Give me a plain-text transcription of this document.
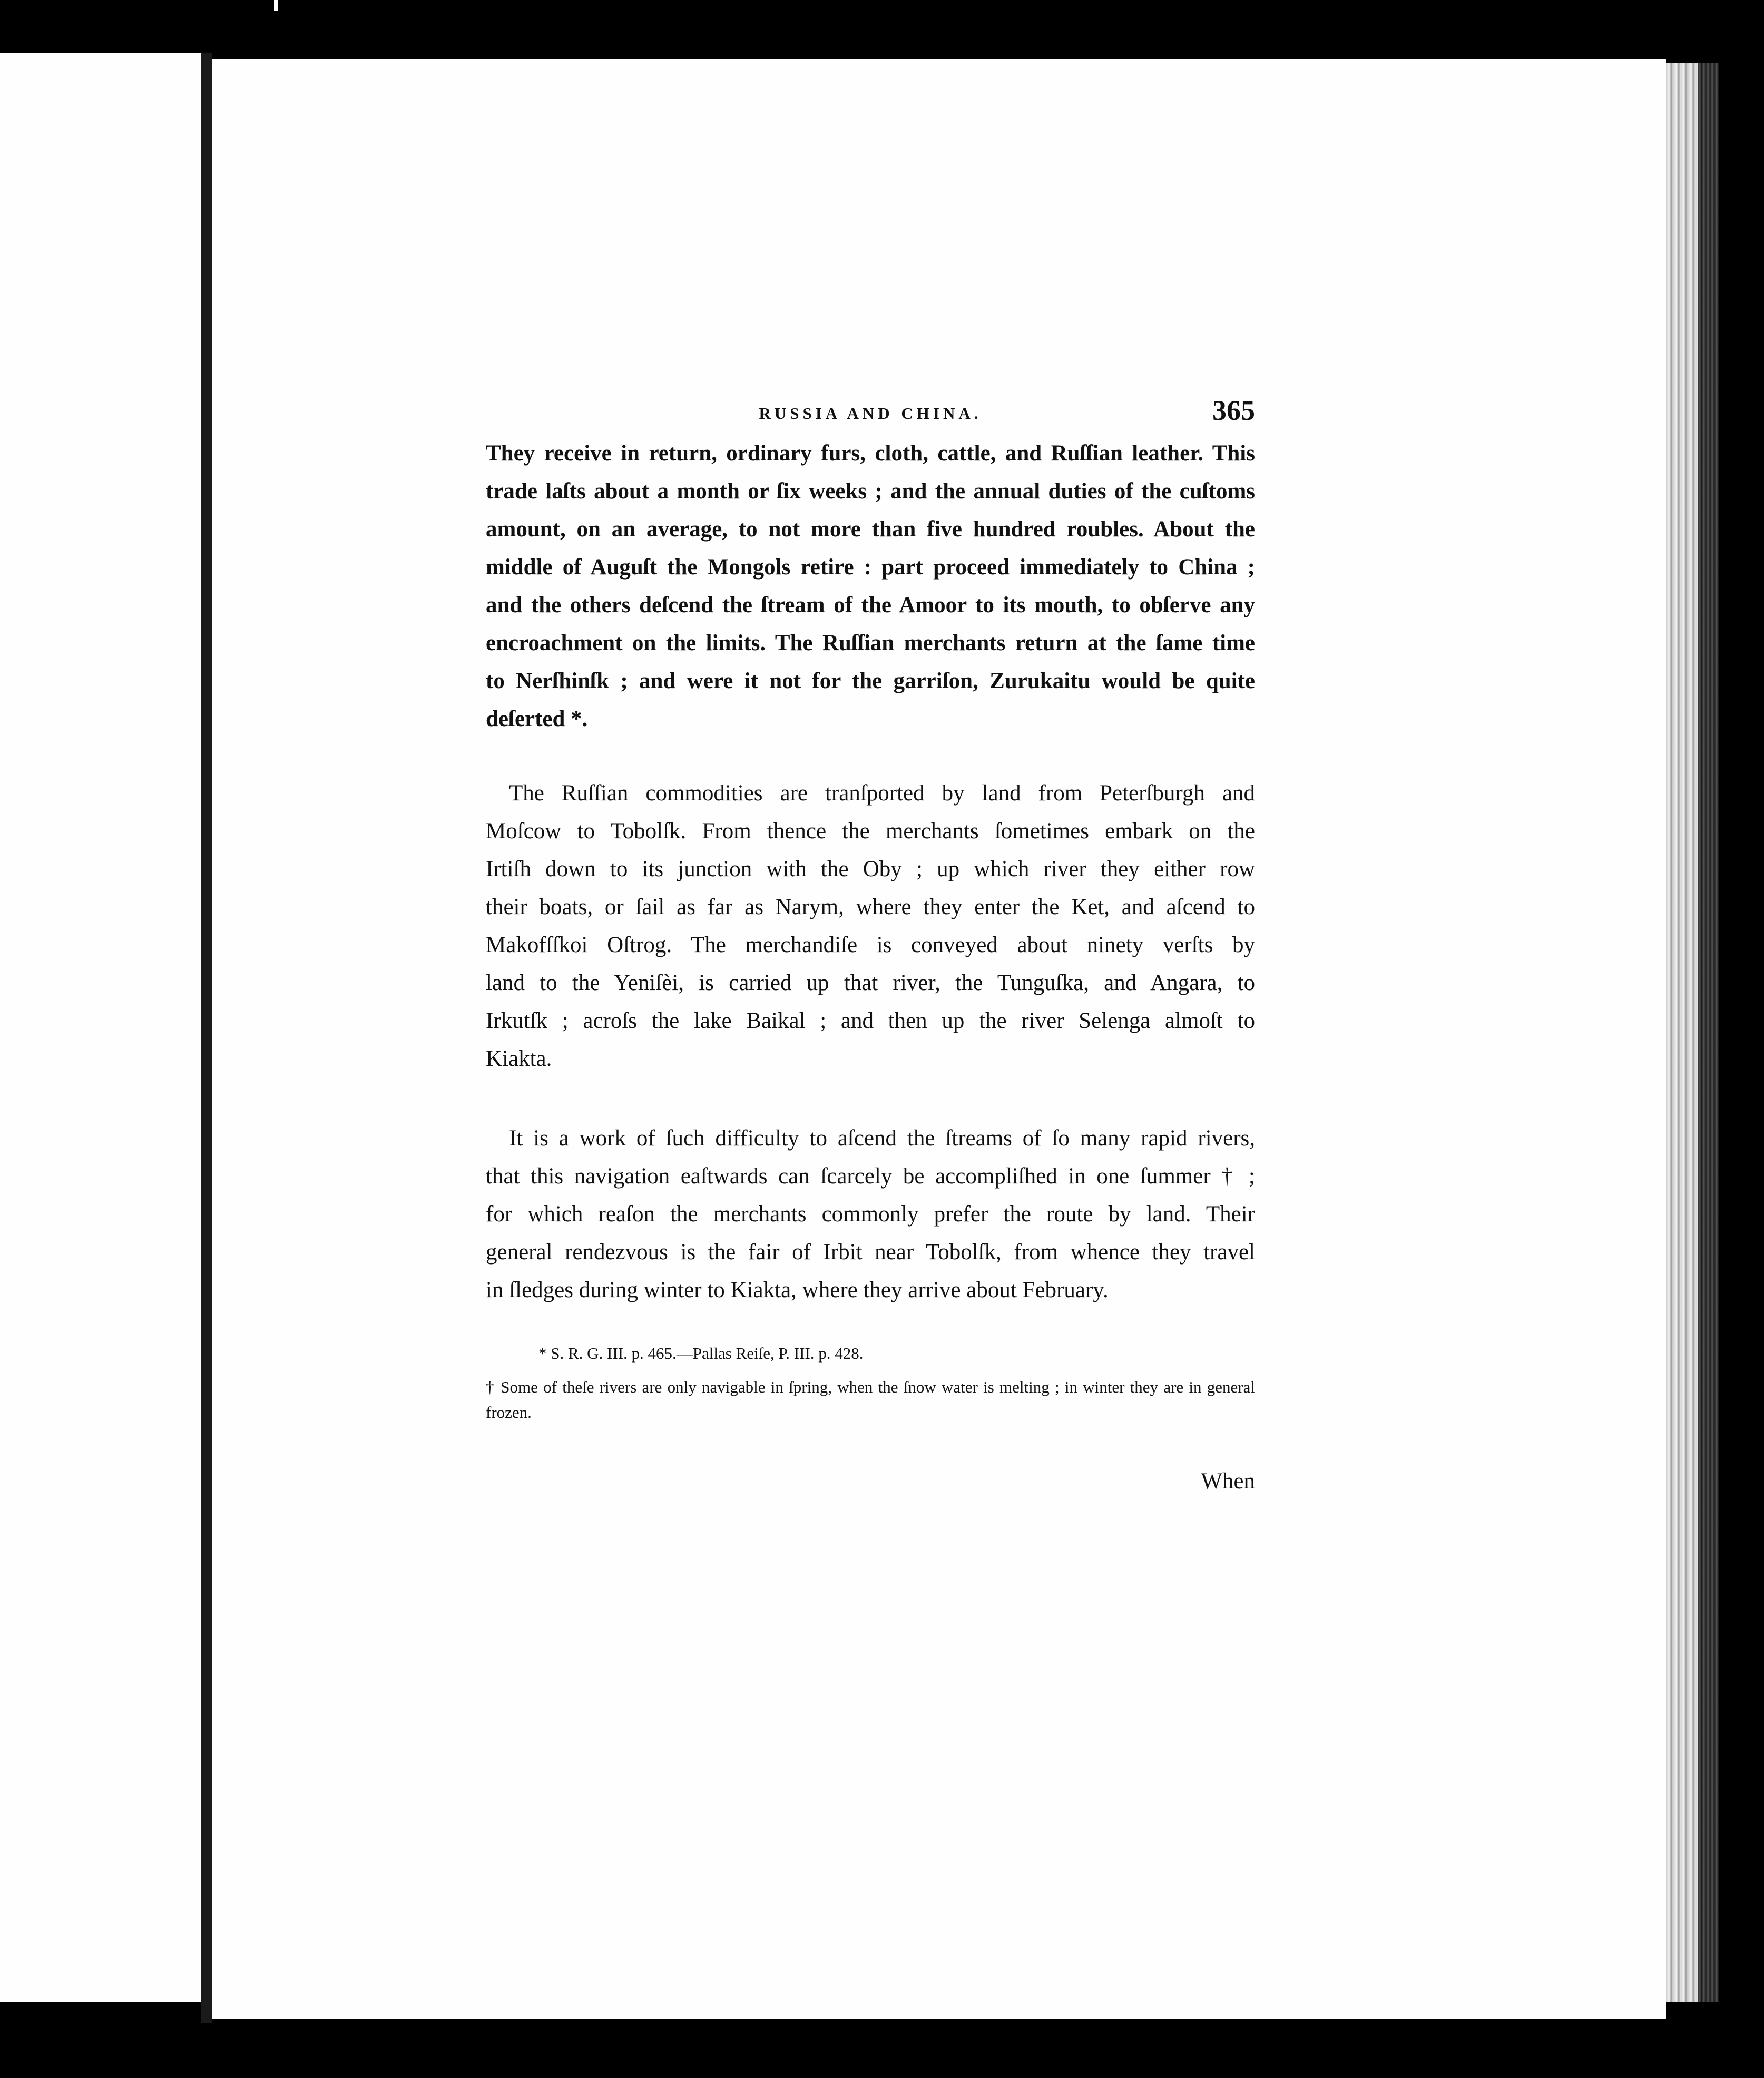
RUSSIA AND CHINA.	365
They receive in return, ordinary furs, cloth, cattle, and Ruſſian leather. This
trade laſts about a month or ſix weeks ; and the annual duties of the cuſtoms
amount, on an average, to not more than five hundred roubles. About the
middle of Auguſt the Mongols retire : part proceed immediately to China ;
and the others deſcend the ſtream of the Amoor to its mouth, to obſerve any
encroachment on the limits. The Ruſſian merchants return at the ſame time
to Nerſhinſk ; and were it not for the garriſon, Zurukaitu would be quite
deſerted *.
The Ruſſian commodities are tranſported by land from Peterſburgh and
Moſcow to Tobolſk. From thence the merchants ſometimes embark on the
Irtiſh down to its junction with the Oby ; up which river they either row
their boats, or ſail as far as Narym, where they enter the Ket, and aſcend to
Makofſſkoi Oſtrog. The merchandiſe is conveyed about ninety verſts by
land to the Yeniſèi, is carried up that river, the Tunguſka, and Angara, to
Irkutſk ; acroſs the lake Baikal ; and then up the river Selenga almoſt to
Kiakta.
It is a work of ſuch difficulty to aſcend the ſtreams of ſo many rapid rivers,
that this navigation eaſtwards can ſcarcely be accompliſhed in one ſummer † ;
for which reaſon the merchants commonly prefer the route by land. Their
general rendezvous is the fair of Irbit near Tobolſk, from whence they travel
in ſledges during winter to Kiakta, where they arrive about February.

* S. R. G. III. p. 465.—Pallas Reiſe, P. III. p. 428.

† Some of theſe rivers are only navigable in ſpring, when the ſnow water is melting ; in winter they are in general frozen.

When
